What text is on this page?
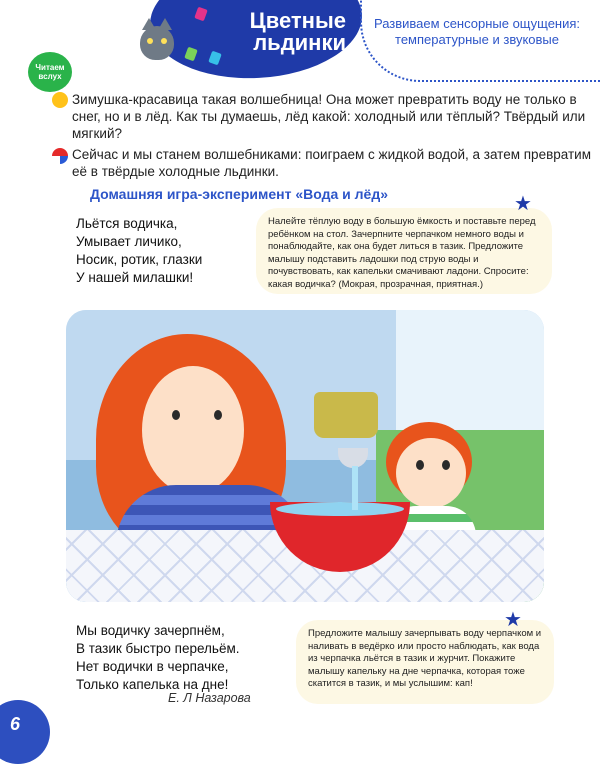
Цветные
льдинки
Развиваем сенсорные ощущения: температурные и звуковые
Читаем вслух
Зимушка-красавица такая волшебница! Она может превратить воду не только в снег, но и в лёд. Как ты думаешь, лёд какой: холодный или тёплый? Твёрдый или мягкий?
Сейчас и мы станем волшебниками: поиграем с жидкой водой, а затем превратим её в твёрдые холодные льдинки.
Домашняя игра-эксперимент «Вода и лёд»
Льётся водичка,
Умывает личико,
Носик, ротик, глазки
У нашей милашки!
Налейте тёплую воду в большую ёмкость и поставьте перед ребёнком на стол. Зачерпните черпачком немного воды и понаблюдайте, как она будет литься в тазик. Предложите малышу подставить ладошки под струю воды и почувствовать, как капельки смачивают ладони. Спросите: какая водичка? (Мокрая, прозрачная, приятная.)
★
Мы водичку зачерпнём,
В тазик быстро перельём.
Нет водички в черпачке,
Только капелька на дне!
Е. Л Назарова
Предложите малышу зачерпывать воду черпачком и наливать в ведёрко или просто наблюдать, как вода из черпачка льётся в тазик и журчит. Покажите малышу капельку на дне черпачка, которая тоже скатится в тазик, и мы услышим: кап!
★
6
